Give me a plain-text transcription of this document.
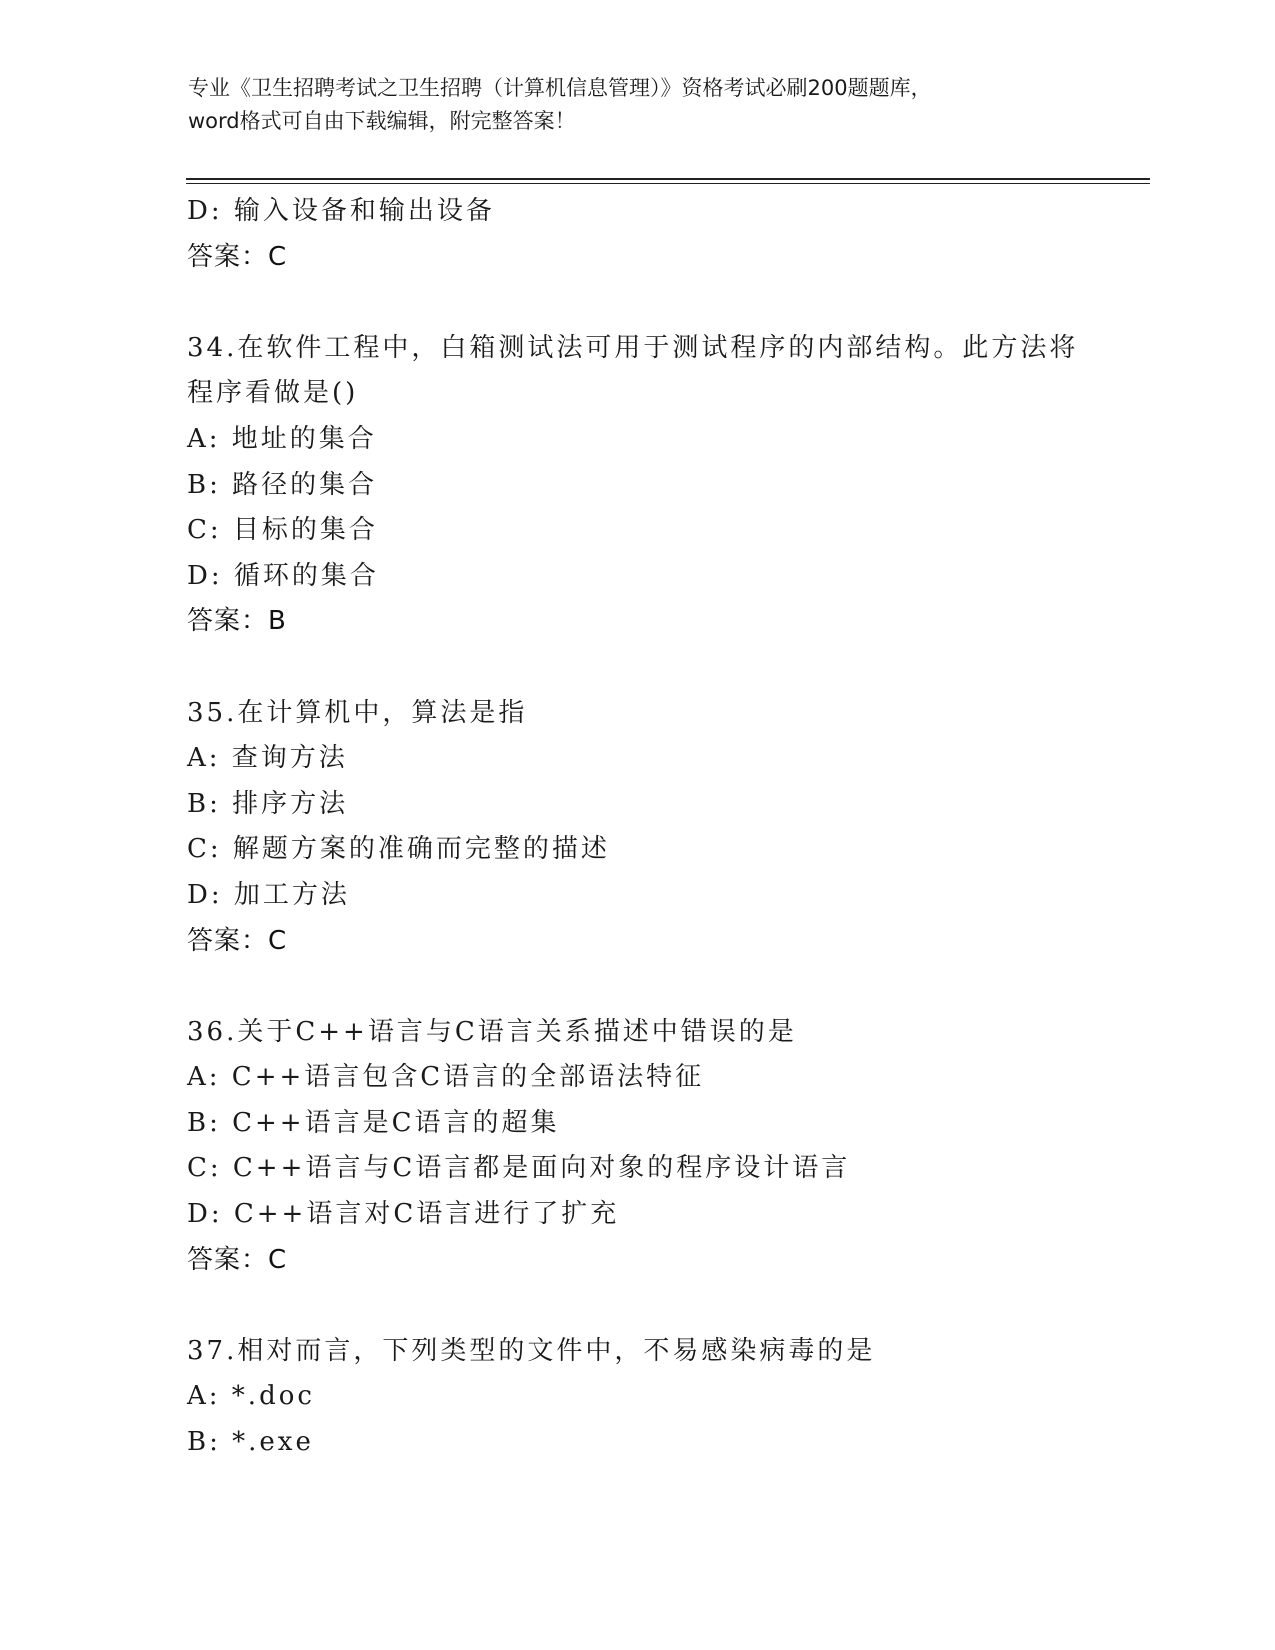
专业《卫生招聘考试之卫生招聘（计算机信息管理）》资格考试必刷200题题库，
word格式可自由下载编辑，附完整答案！
D: 输入设备和输出设备
答案：C
34.在软件工程中，白箱测试法可用于测试程序的内部结构。此方法将
程序看做是()
A: 地址的集合
B: 路径的集合
C: 目标的集合
D: 循环的集合
答案：B
35.在计算机中，算法是指
A: 查询方法
B: 排序方法
C: 解题方案的准确而完整的描述
D: 加工方法
答案：C
36.关于C++语言与C语言关系描述中错误的是
A: C++语言包含C语言的全部语法特征
B: C++语言是C语言的超集
C: C++语言与C语言都是面向对象的程序设计语言
D: C++语言对C语言进行了扩充
答案：C
37.相对而言，下列类型的文件中，不易感染病毒的是
A: *.doc
B: *.exe
